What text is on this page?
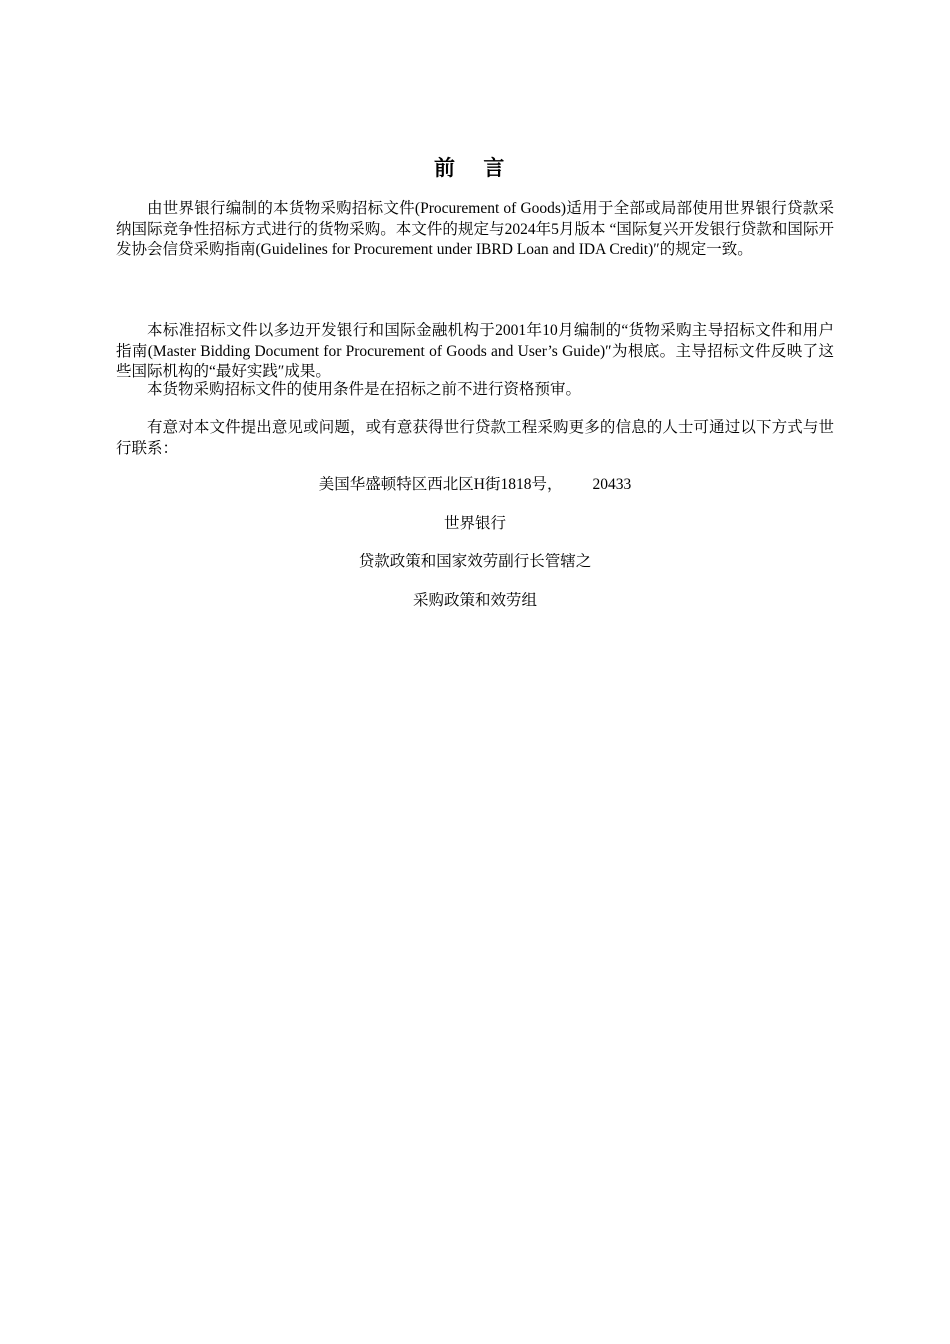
前 言

由世界银行编制的本货物采购招标文件(Procurement of Goods)适用于全部或局部使用世界银行贷款采纳国际竞争性招标方式进行的货物采购。本文件的规定与2024年5月版本 “国际复兴开发银行贷款和国际开发协会信贷采购指南(Guidelines for Procurement under IBRD Loan and IDA Credit)″的规定一致。

本标准招标文件以多边开发银行和国际金融机构于2001年10月编制的“货物采购主导招标文件和用户指南(Master Bidding Document for Procurement of Goods and User’s Guide)″为根底。主导招标文件反映了这些国际机构的“最好实践″成果。

本货物采购招标文件的使用条件是在招标之前不进行资格预审。

有意对本文件提出意见或问题，或有意获得世行贷款工程采购更多的信息的人士可通过以下方式与世行联系：

美国华盛顿特区西北区H街1818号， 20433
世界银行
贷款政策和国家效劳副行长管辖之
采购政策和效劳组
